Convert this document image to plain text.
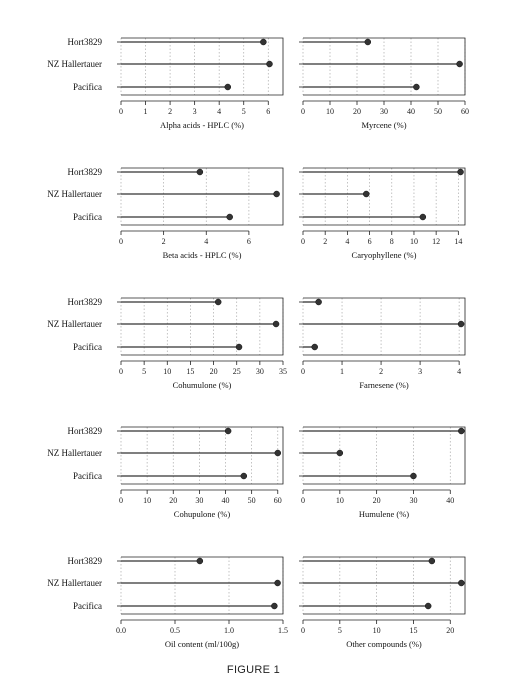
Hort3829
NZ Hallertauer
Pacifica
0	1	2	3	4	5	6
Alpha acids - HPLC (%)
0	10 20 30 40 50 60
Myrcene (%)
Hort3829
NZ Hallertauer
Pacifica
0	2	4	6
Beta acids - HPLC (%)
0 2 4 6 8 10 12 14
Caryophyllene (%)
Hort3829
NZ Hallertauer
Pacifica
0 5 10 15 20 25 30 35
Cohumulone (%)
0	1	2	3	4
Farnesene (%)
Hort3829
NZ Hallertauer
Pacifica
0	10 20 30 40 50 60
Cohupulone (%)
0	10	20	30	40
Humulene (%)
Hort3829
NZ Hallertauer
Pacifica
0.0	0.5	1.0	1.5
Oil content (ml/100g)
0	5	10	15	20
Other compounds (%)
FIGURE 1
